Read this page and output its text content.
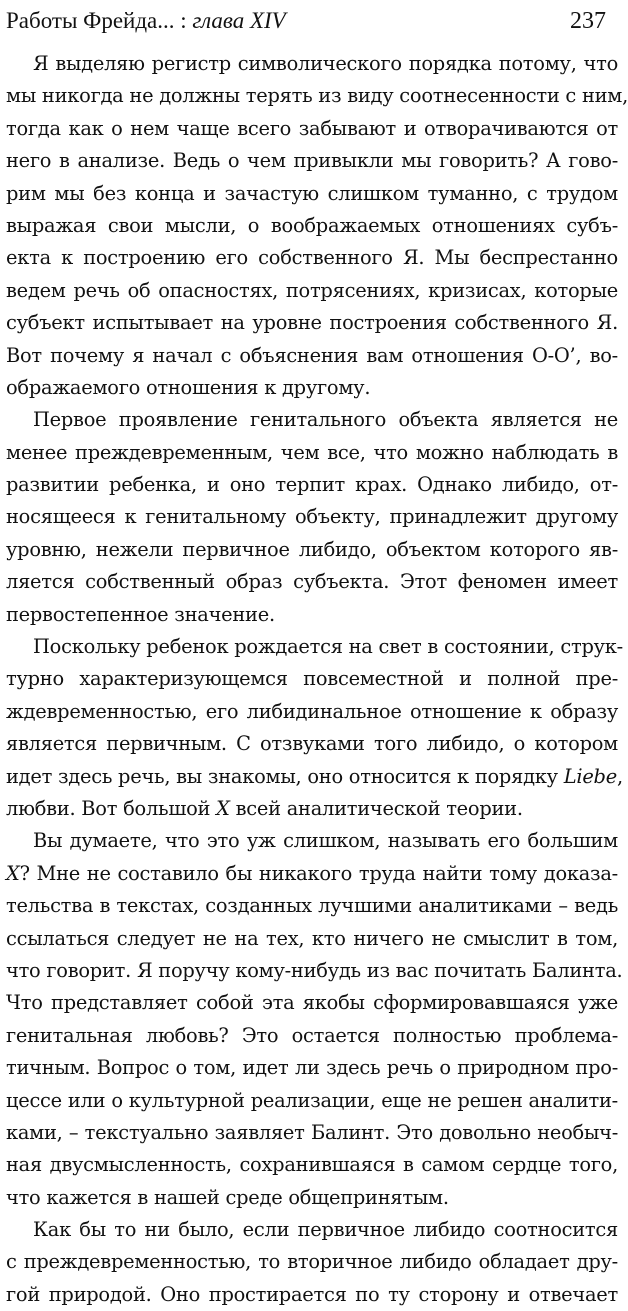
Работы Фрейда... : глава XIV	237
Я выделяю регистр символического порядка потому, что
мы никогда не должны терять из виду соотнесенности с ним,
тогда как о нем чаще всего забывают и отворачиваются от
него в анализе. Ведь о чем привыкли мы говорить? А гово-
рим мы без конца и зачастую слишком туманно, с трудом
выражая свои мысли, о воображаемых отношениях субъ-
екта к построению его собственного Я. Мы беспрестанно
ведем речь об опасностях, потрясениях, кризисах, которые
субъект испытывает на уровне построения собственного Я.
Вот почему я начал с объяснения вам отношения О-О’, во-
ображаемого отношения к другому.
Первое проявление генитального объекта является не
менее преждевременным, чем все, что можно наблюдать в
развитии ребенка, и оно терпит крах. Однако либидо, от-
носящееся к генитальному объекту, принадлежит другому
уровню, нежели первичное либидо, объектом которого яв-
ляется собственный образ субъекта. Этот феномен имеет
первостепенное значение.
Поскольку ребенок рождается на свет в состоянии, струк-
турно характеризующемся повсеместной и полной пре-
ждевременностью, его либидинальное отношение к образу
является первичным. С отзвуками того либидо, о котором
идет здесь речь, вы знакомы, оно относится к порядку Liebe,
любви. Вот большой X всей аналитической теории.
Вы думаете, что это уж слишком, называть его большим
X? Мне не составило бы никакого труда найти тому доказа-
тельства в текстах, созданных лучшими аналитиками – ведь
ссылаться следует не на тех, кто ничего не смыслит в том,
что говорит. Я поручу кому-нибудь из вас почитать Балинта.
Что представляет собой эта якобы сформировавшаяся уже
генитальная любовь? Это остается полностью проблема-
тичным. Вопрос о том, идет ли здесь речь о природном про-
цессе или о культурной реализации, еще не решен аналити-
ками, – текстуально заявляет Балинт. Это довольно необыч-
ная двусмысленность, сохранившаяся в самом сердце того,
что кажется в нашей среде общепринятым.
Как бы то ни было, если первичное либидо соотносится
с преждевременностью, то вторичное либидо обладает дру-
гой природой. Оно простирается по ту сторону и отвечает
